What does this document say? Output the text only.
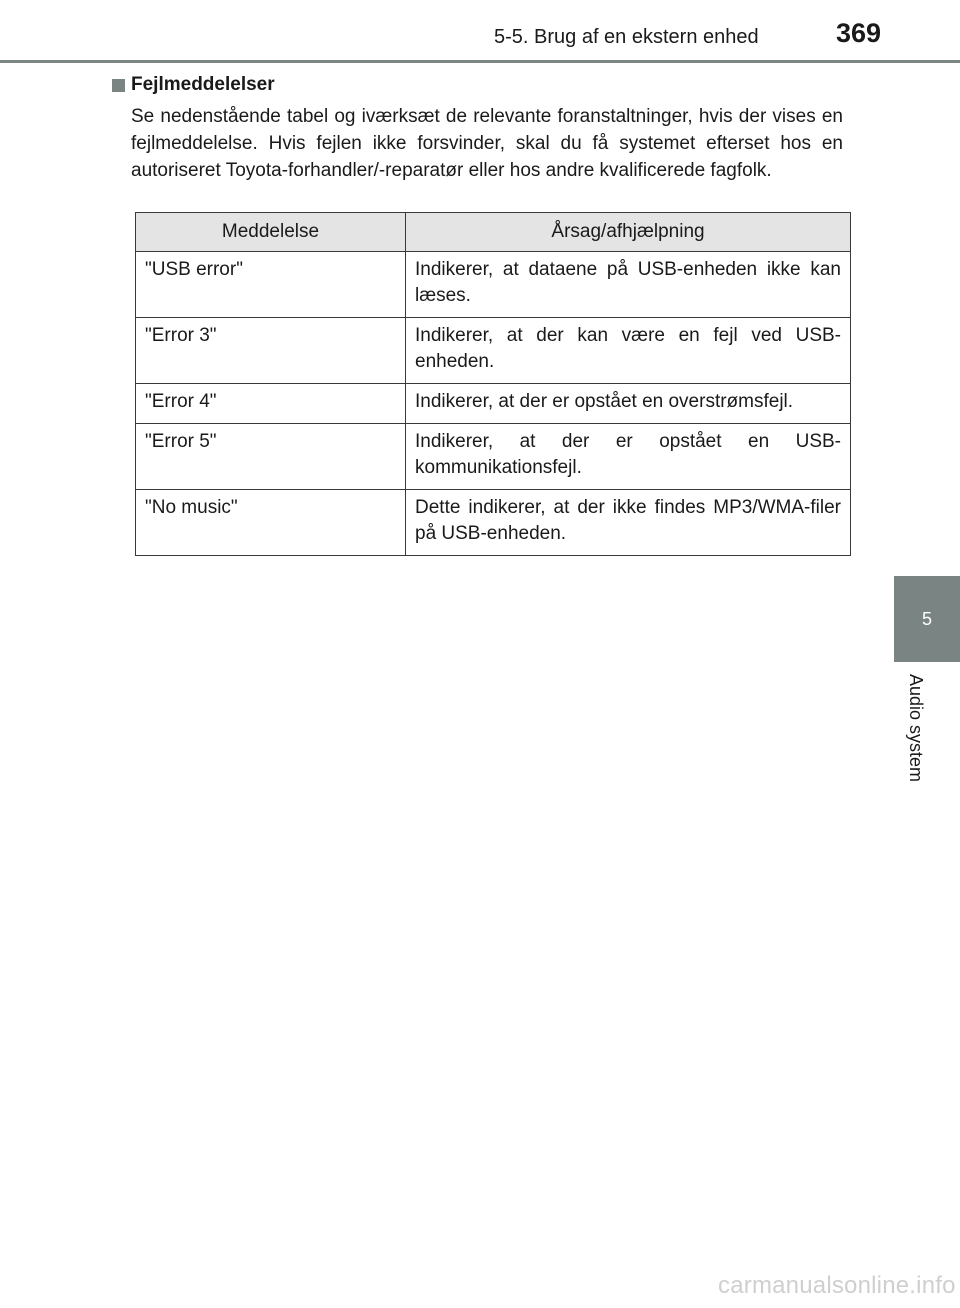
5-5. Brug af en ekstern enhed	369
Fejlmeddelelser

Se nedenstående tabel og iværksæt de relevante foranstaltninger, hvis der vises en fejlmeddelelse. Hvis fejlen ikke forsvinder, skal du få systemet efterset hos en autoriseret Toyota-forhandler/-reparatør eller hos andre kvalificerede fagfolk.

Meddelelse	Årsag/afhjælpning
"USB error"	Indikerer, at dataene på USB-enheden ikke kan læses.
"Error 3"	Indikerer, at der kan være en fejl ved USB-enheden.
"Error 4"	Indikerer, at der er opstået en overstrømsfejl.
"Error 5"	Indikerer, at der er opstået en USB-kommunikationsfejl.
"No music"	Dette indikerer, at der ikke findes MP3/WMA-filer på USB-enheden.
5
Audio system
carmanualsonline.info
